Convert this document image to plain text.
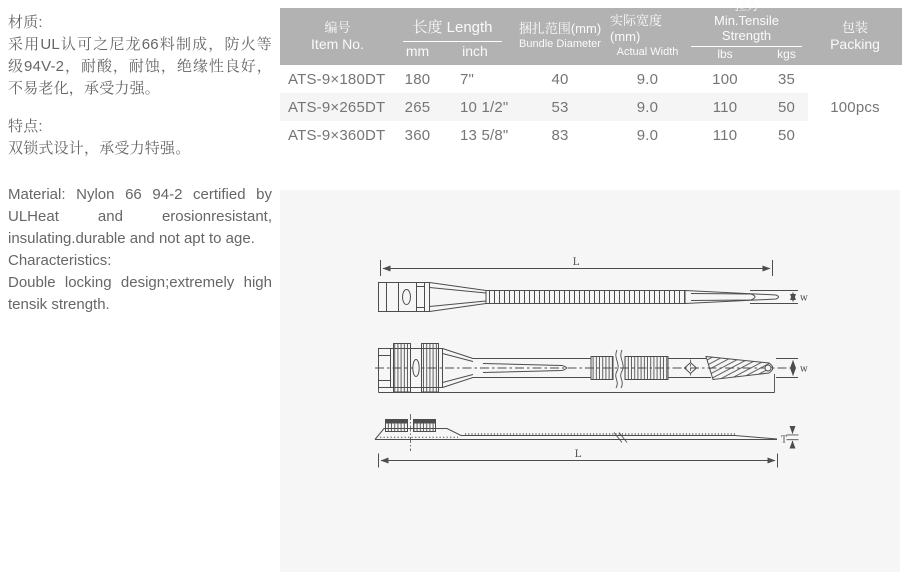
材质:
采用UL认可之尼龙66料制成，防火等级94V-2，耐酸，耐蚀，绝缘性良好，不易老化，承受力强。
特点:
双锁式设计，承受力特强。
Material: Nylon 66 94-2 certified by ULHeat and erosionresistant, insulating.durable and not apt to age.
Characteristics:
Double locking design;extremely high tensik strength.
编号
Item No.
长度 Length
mm	inch
捆扎范围(mm)
Bundle Diameter
实际宽度(mm)
Actual Width
拉力
Min.Tensile Strength
lbs	kgs
包装
Packing
ATS-9×180DT	180	7"	40	9.0	100	35
ATS-9×265DT	265	10 1/2"	53	9.0	110	50
ATS-9×360DT	360	13 5/8"	83	9.0	110	50
100pcs
L
w
w
L
T
